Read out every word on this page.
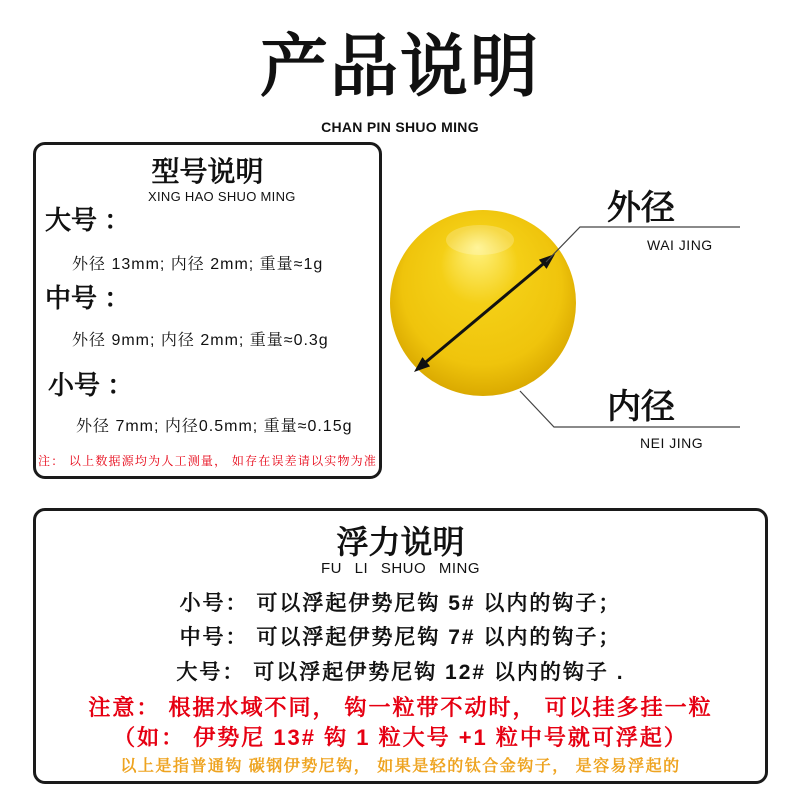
产品说明
CHAN PIN SHUO MING
型号说明
XING HAO SHUO MING
大号 ：
外径 13mm; 内径 2mm; 重量≈1g
中号 ：
外径 9mm; 内径 2mm; 重量≈0.3g
小号 ：
外径 7mm; 内径0.5mm; 重量≈0.15g
注： 以上数据源均为人工测量， 如存在误差请以实物为准
外径
WAI JING
内径
NEI JING
浮力说明
FU LI SHUO MING
小号： 可以浮起伊势尼钩 5# 以内的钩子；
中号： 可以浮起伊势尼钩 7# 以内的钩子；
大号： 可以浮起伊势尼钩 12# 以内的钩子 .
注意： 根据水域不同， 钩一粒带不动时， 可以挂多挂一粒
（如： 伊势尼 13# 钩 1 粒大号 +1 粒中号就可浮起）
以上是指普通钩 碳钢伊势尼钩， 如果是轻的钛合金钩子， 是容易浮起的
